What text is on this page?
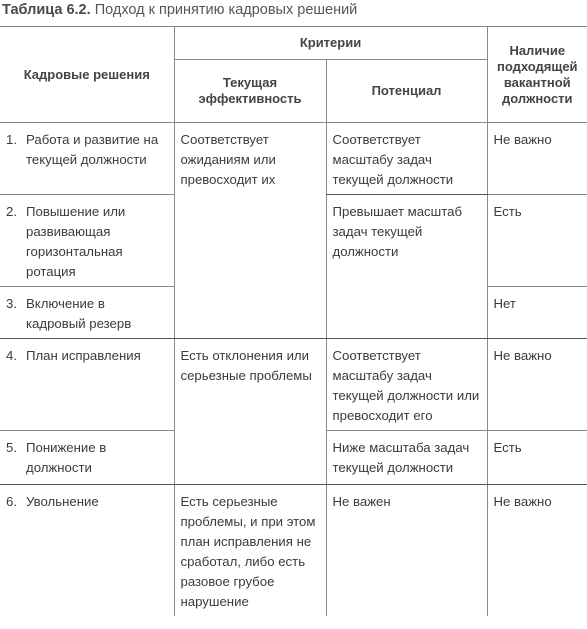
Таблица 6.2. Подход к принятию кадровых решений
Кадровые решения	Критерии		Наличие подходящей вакантной должности
	Текущая эффективность	Потенциал	

1. Работа и развитие на текущей должности	Соответствует ожиданиям или превосходит их	Соответствует масштабу задач текущей должности	Не важно

2. Повышение или развивающая горизонтальная ротация		Превышает масштаб задач текущей должности	Есть

3. Включение в кадровый резерв			Нет

4. План исправления	Есть отклонения или серьезные проблемы	Соответствует масштабу задач текущей должности или превосходит его	Не важно

5. Понижение в должности		Ниже масштаба задач текущей должности	Есть

6. Увольнение	Есть серьезные проблемы, и при этом план исправления не сработал, либо есть разовое грубое нарушение	Не важен	Не важно
